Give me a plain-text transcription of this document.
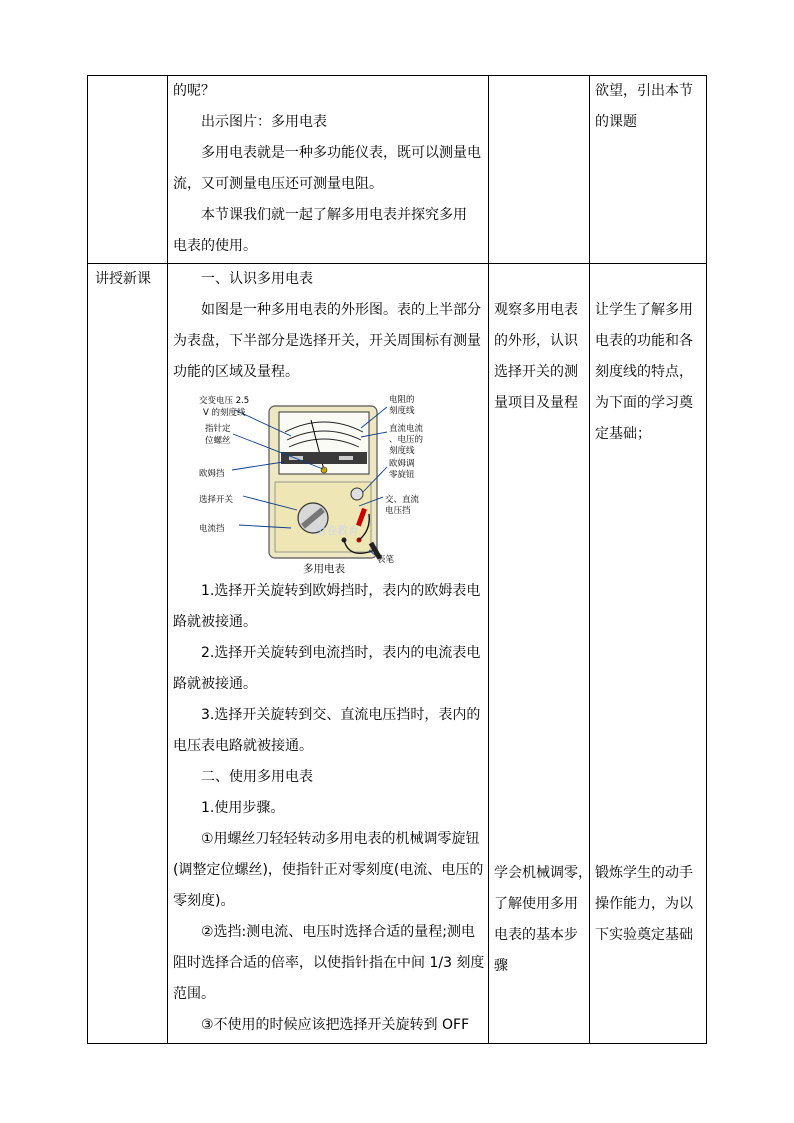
的呢？

出示图片：多用电表

多用电表就是一种多功能仪表，既可以测量电

流，又可测量电压还可测量电阻。

本节课我们就一起了解多用电表并探究多用

电表的使用。

欲望，引出本节

的课题

讲授新课	一、认识多用电表

如图是一种多用电表的外形图。表的上半部分

为表盘，下半部分是选择开关，开关周围标有测量

功能的区域及量程。

组卷教育
交变电压 2.5
V 的刻度线
指针定
位螺丝
欧姆挡
选择开关
电流挡
电阻的
刻度线
直流电流
、电压的
刻度线
欧姆调
零旋钮
交、直流
电压挡
表笔
多用电表

1.选择开关旋转到欧姆挡时，表内的欧姆表电

路就被接通。

2.选择开关旋转到电流挡时，表内的电流表电

路就被接通。

3.选择开关旋转到交、直流电压挡时，表内的

电压表电路就被接通。

二、使用多用电表

1.使用步骤。

①用螺丝刀轻轻转动多用电表的机械调零旋钮

(调整定位螺丝)，使指针正对零刻度(电流、电压的

零刻度)。

②选挡:测电流、电压时选择合适的量程;测电

阻时选择合适的倍率，以使指针指在中间 1/3 刻度

范围。

③不使用的时候应该把选择开关旋转到 OFF

观察多用电表

的外形，认识

选择开关的测

量项目及量程

学会机械调零，

了解使用多用

电表的基本步

骤

让学生了解多用

电表的功能和各

刻度线的特点，

为下面的学习奠

定基础；

锻炼学生的动手

操作能力，为以

下实验奠定基础
